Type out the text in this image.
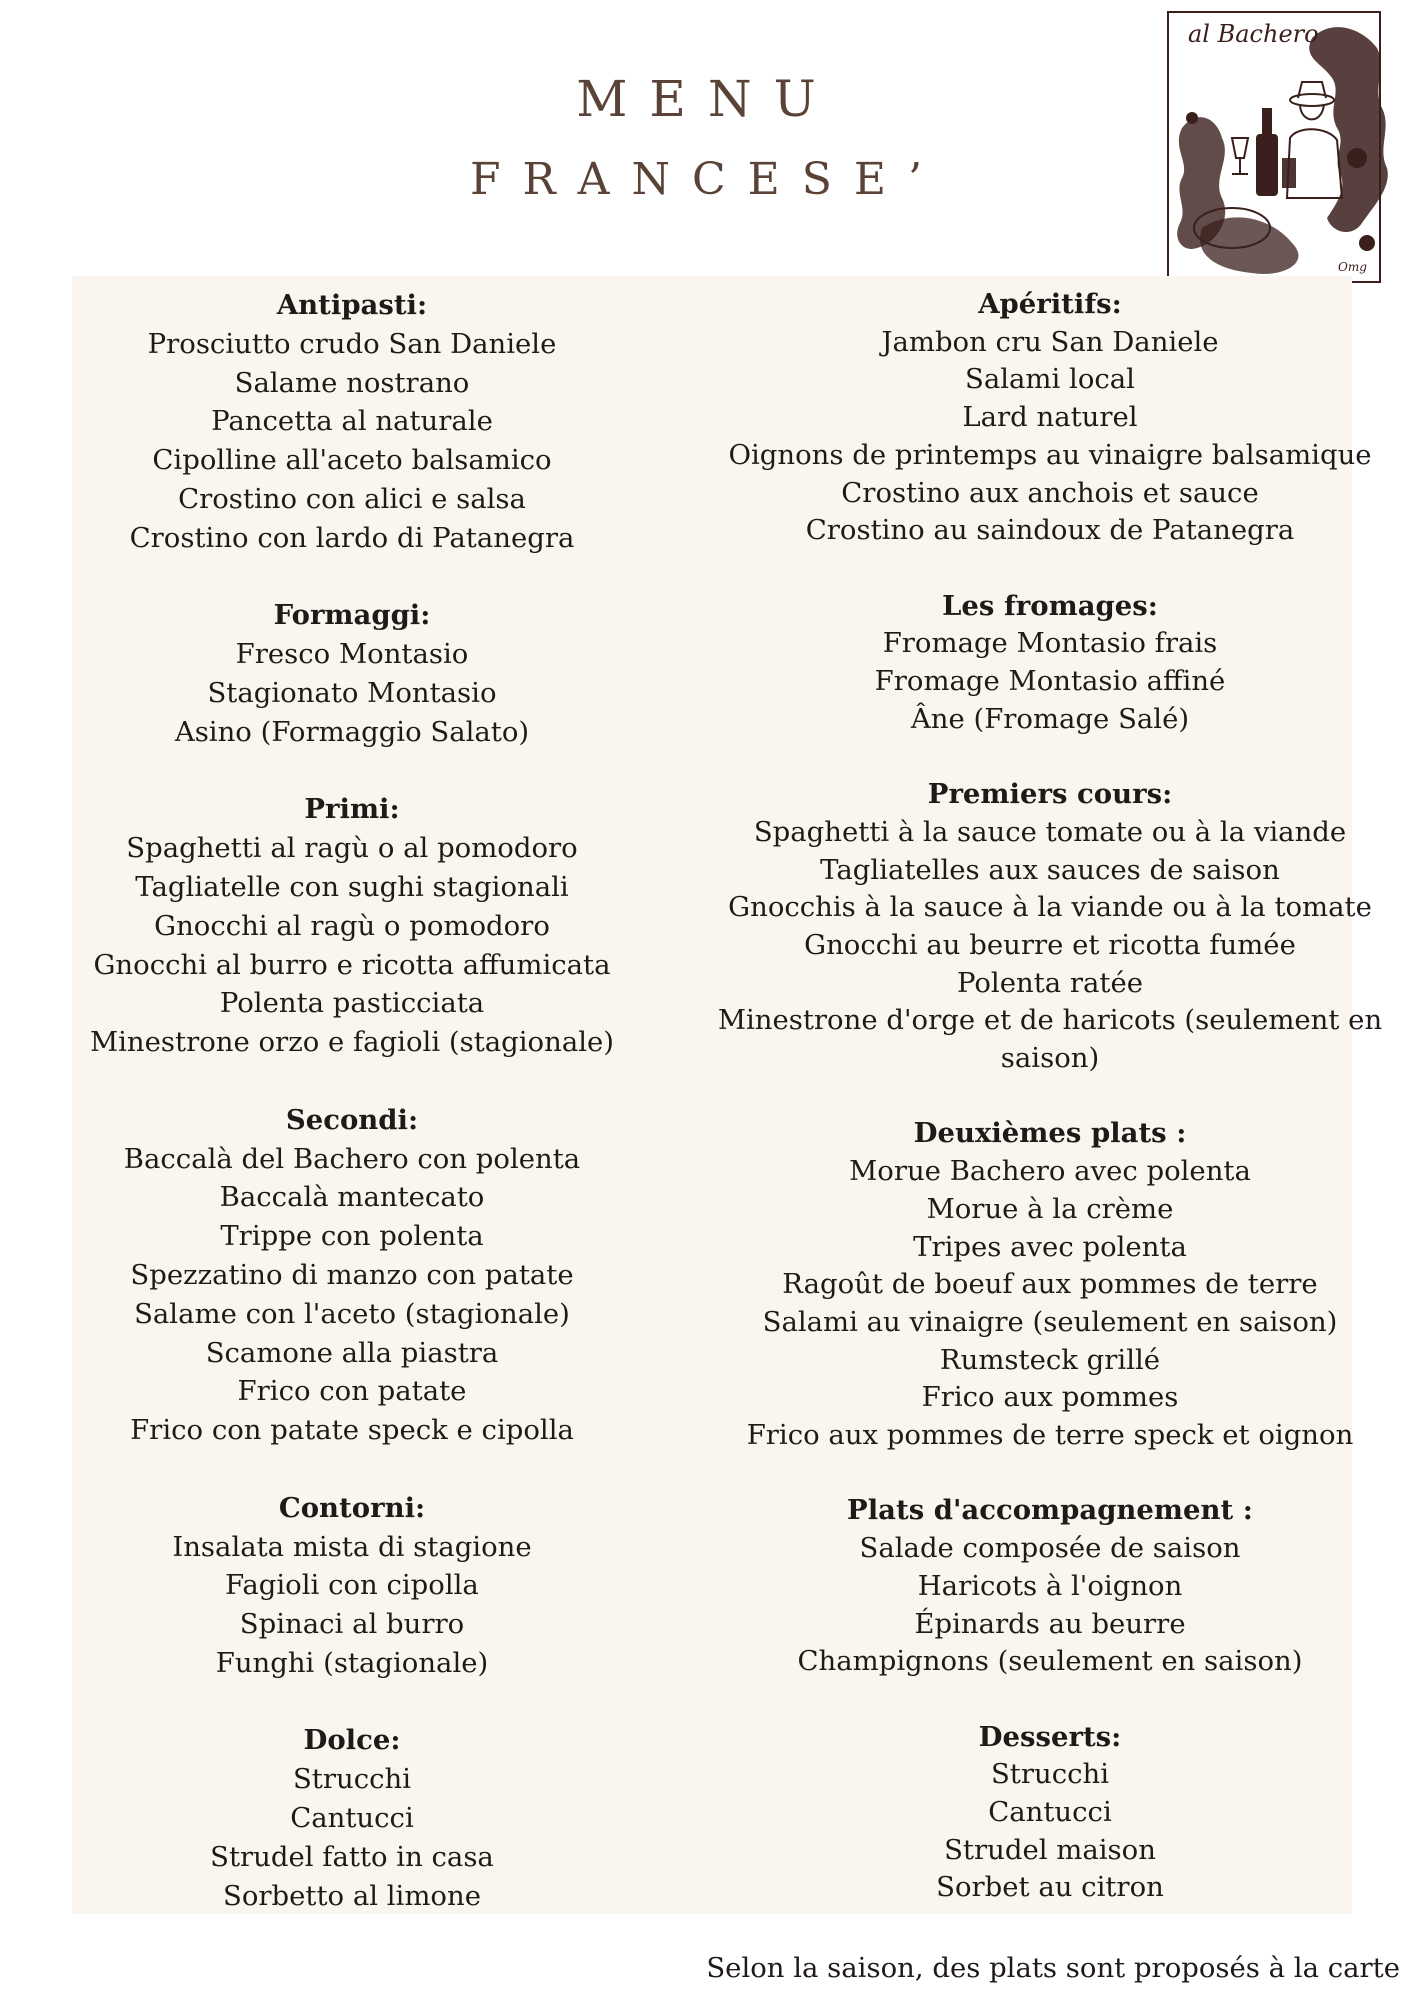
MENU
FRANCESE’
al Bachero
Omg
Antipasti:
Prosciutto crudo San Daniele
Salame nostrano
Pancetta al naturale
Cipolline all'aceto balsamico
Crostino con alici e salsa
Crostino con lardo di Patanegra
Formaggi:
Fresco Montasio
Stagionato Montasio
Asino (Formaggio Salato)
Primi:
Spaghetti al ragù o al pomodoro
Tagliatelle con sughi stagionali
Gnocchi al ragù o pomodoro
Gnocchi al burro e ricotta affumicata
Polenta pasticciata
Minestrone orzo e fagioli (stagionale)
Secondi:
Baccalà del Bachero con polenta
Baccalà mantecato
Trippe con polenta
Spezzatino di manzo con patate
Salame con l'aceto (stagionale)
Scamone alla piastra
Frico con patate
Frico con patate speck e cipolla
Contorni:
Insalata mista di stagione
Fagioli con cipolla
Spinaci al burro
Funghi (stagionale)
Dolce:
Strucchi
Cantucci
Strudel fatto in casa
Sorbetto al limone
Apéritifs:
Jambon cru San Daniele
Salami local
Lard naturel
Oignons de printemps au vinaigre balsamique
Crostino aux anchois et sauce
Crostino au saindoux de Patanegra
Les fromages:
Fromage Montasio frais
Fromage Montasio affiné
Âne (Fromage Salé)
Premiers cours:
Spaghetti à la sauce tomate ou à la viande
Tagliatelles aux sauces de saison
Gnocchis à la sauce à la viande ou à la tomate
Gnocchi au beurre et ricotta fumée
Polenta ratée
Minestrone d'orge et de haricots (seulement en saison)
Deuxièmes plats :
Morue Bachero avec polenta
Morue à la crème
Tripes avec polenta
Ragoût de boeuf aux pommes de terre
Salami au vinaigre (seulement en saison)
Rumsteck grillé
Frico aux pommes
Frico aux pommes de terre speck et oignon
Plats d'accompagnement :
Salade composée de saison
Haricots à l'oignon
Épinards au beurre
Champignons (seulement en saison)
Desserts:
Strucchi
Cantucci
Strudel maison
Sorbet au citron
Selon la saison, des plats sont proposés à la carte
